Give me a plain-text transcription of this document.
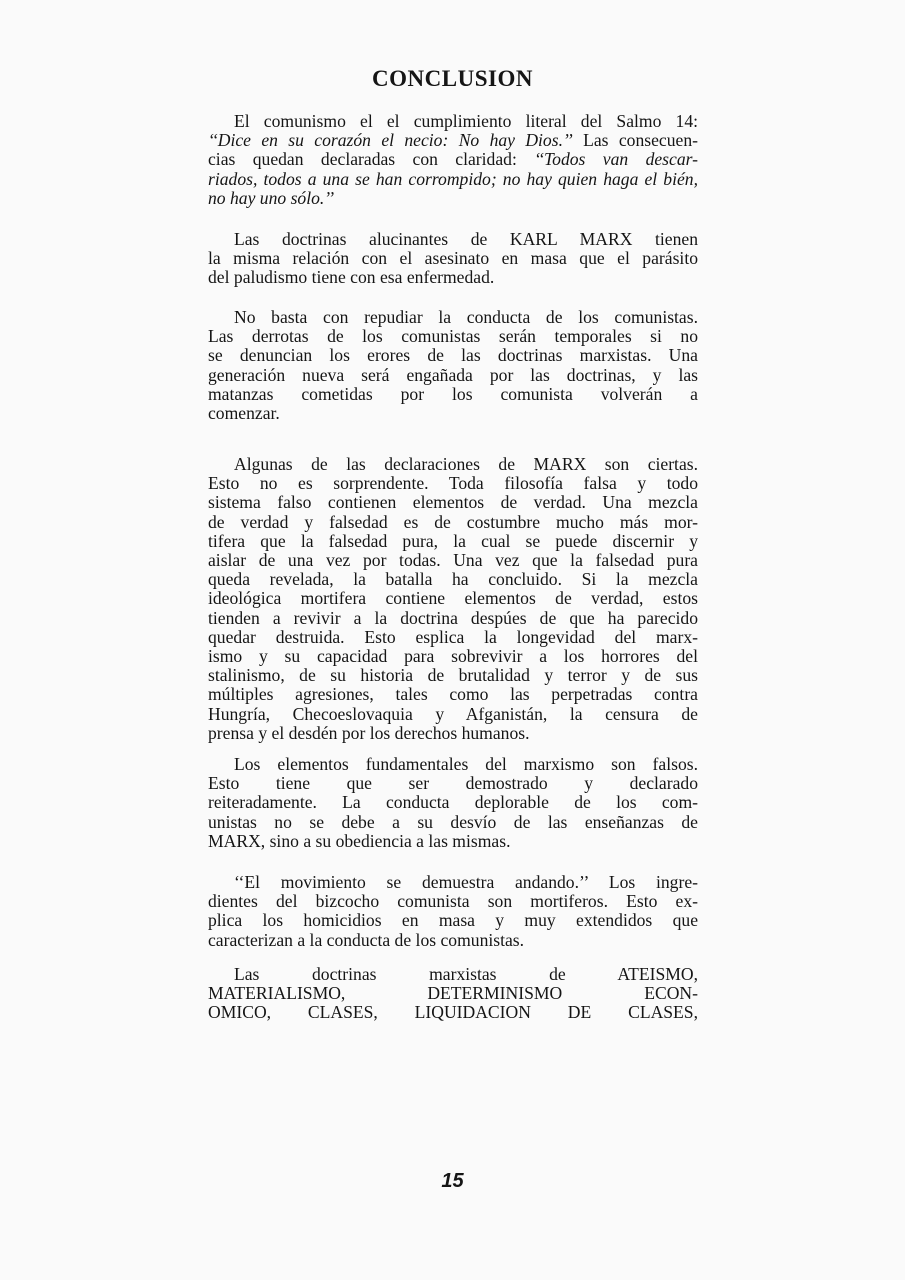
CONCLUSION
El comunismo el el cumplimiento literal del Salmo 14:
‘‘Dice en su corazón el necio: No hay Dios.’’ Las consecuen-
cias quedan declaradas con claridad: ‘‘Todos van descar-
riados, todos a una se han corrompido; no hay quien haga el bién,
no hay uno sólo.’’
Las doctrinas alucinantes de KARL MARX tienen
la misma relación con el asesinato en masa que el parásito
del paludismo tiene con esa enfermedad.
No basta con repudiar la conducta de los comunistas.
Las derrotas de los comunistas serán temporales si no
se denuncian los erores de las doctrinas marxistas. Una
generación nueva será engañada por las doctrinas, y las
matanzas cometidas por los comunista volverán a
comenzar.
Algunas de las declaraciones de MARX son ciertas.
Esto no es sorprendente. Toda filosofía falsa y todo
sistema falso contienen elementos de verdad. Una mezcla
de verdad y falsedad es de costumbre mucho más mor-
tifera que la falsedad pura, la cual se puede discernir y
aislar de una vez por todas. Una vez que la falsedad pura
queda revelada, la batalla ha concluido. Si la mezcla
ideológica mortifera contiene elementos de verdad, estos
tienden a revivir a la doctrina despúes de que ha parecido
quedar destruida. Esto esplica la longevidad del marx-
ismo y su capacidad para sobrevivir a los horrores del
stalinismo, de su historia de brutalidad y terror y de sus
múltiples agresiones, tales como las perpetradas contra
Hungría, Checoeslovaquia y Afganistán, la censura de
prensa y el desdén por los derechos humanos.
Los elementos fundamentales del marxismo son falsos.
Esto tiene que ser demostrado y declarado
reiteradamente. La conducta deplorable de los com-
unistas no se debe a su desvío de las enseñanzas de
MARX, sino a su obediencia a las mismas.
‘‘El movimiento se demuestra andando.’’ Los ingre-
dientes del bizcocho comunista son mortiferos. Esto ex-
plica los homicidios en masa y muy extendidos que
caracterizan a la conducta de los comunistas.
Las doctrinas marxistas de ATEISMO,
MATERIALISMO, DETERMINISMO ECON-
OMICO, CLASES, LIQUIDACION DE CLASES,
15
